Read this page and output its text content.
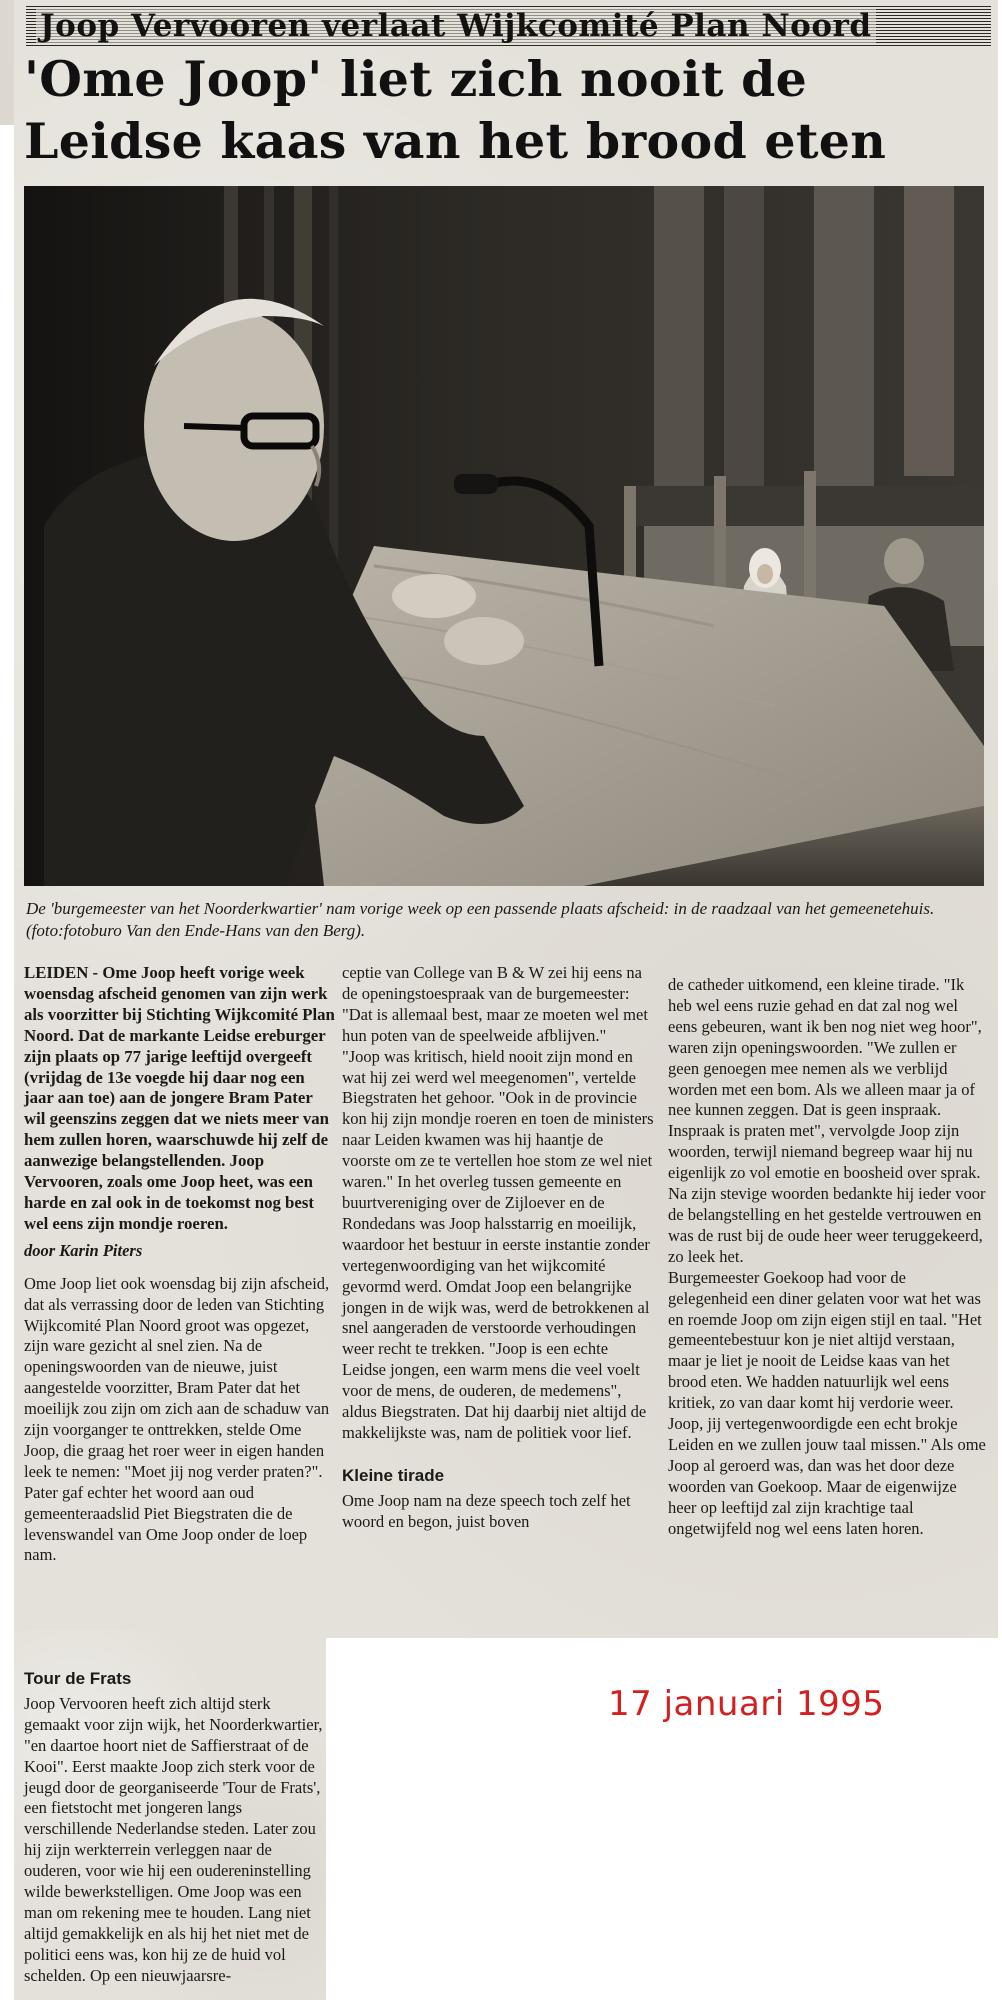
Joop Vervooren verlaat Wijkcomité Plan Noord
'Ome Joop' liet zich nooit de
Leidse kaas van het brood eten
De 'burgemeester van het Noorderkwartier' nam vorige week op een passende plaats afscheid: in de raadzaal van het gemeenetehuis. (foto:fotoburo Van den Ende-Hans van den Berg).

LEIDEN - Ome Joop heeft vorige week woensdag afscheid genomen van zijn werk als voorzitter bij Stichting Wijkcomité Plan Noord. Dat de markante Leidse ereburger zijn plaats op 77 jarige leeftijd overgeeft (vrijdag de 13e voegde hij daar nog een jaar aan toe) aan de jongere Bram Pater wil geenszins zeggen dat we niets meer van hem zullen horen, waarschuwde hij zelf de aanwezige belangstellenden. Joop Vervooren, zoals ome Joop heet, was een harde en zal ook in de toekomst nog best wel eens zijn mondje roeren.

door Karin Piters

Ome Joop liet ook woensdag bij zijn afscheid, dat als verrassing door de leden van Stichting Wijkcomité Plan Noord groot was opgezet, zijn ware gezicht al snel zien. Na de openingswoorden van de nieuwe, juist aangestelde voorzitter, Bram Pater dat het moeilijk zou zijn om zich aan de schaduw van zijn voorganger te onttrekken, stelde Ome Joop, die graag het roer weer in eigen handen leek te nemen: "Moet jij nog verder praten?". Pater gaf echter het woord aan oud gemeenteraadslid Piet Biegstraten die de levenswandel van Ome Joop onder de loep nam.

Tour de Frats

Joop Vervooren heeft zich altijd sterk gemaakt voor zijn wijk, het Noorderkwartier, "en daartoe hoort niet de Saffierstraat of de Kooi". Eerst maakte Joop zich sterk voor de jeugd door de georganiseerde 'Tour de Frats', een fietstocht met jongeren langs verschillende Nederlandse steden. Later zou hij zijn werkterrein verleggen naar de ouderen, voor wie hij een oudereninstelling wilde bewerkstelligen. Ome Joop was een man om rekening mee te houden. Lang niet altijd gemakkelijk en als hij het niet met de politici eens was, kon hij ze de huid vol schelden. Op een nieuwjaarsre-

ceptie van College van B & W zei hij eens na de openingstoespraak van de burgemeester: "Dat is allemaal best, maar ze moeten wel met hun poten van de speelweide afblijven."

"Joop was kritisch, hield nooit zijn mond en wat hij zei werd wel meegenomen", vertelde Biegstraten het gehoor. "Ook in de provincie kon hij zijn mondje roeren en toen de ministers naar Leiden kwamen was hij haantje de voorste om ze te vertellen hoe stom ze wel niet waren." In het overleg tussen gemeente en buurtvereniging over de Zijloever en de Rondedans was Joop halsstarrig en moeilijk, waardoor het bestuur in eerste instantie zonder vertegenwoordiging van het wijkcomité gevormd werd. Omdat Joop een belangrijke jongen in de wijk was, werd de betrokkenen al snel aangeraden de verstoorde verhoudingen weer recht te trekken. "Joop is een echte Leidse jongen, een warm mens die veel voelt voor de mens, de ouderen, de medemens", aldus Biegstraten. Dat hij daarbij niet altijd de makkelijkste was, nam de politiek voor lief.

Kleine tirade

Ome Joop nam na deze speech toch zelf het woord en begon, juist boven

de catheder uitkomend, een kleine tirade. "Ik heb wel eens ruzie gehad en dat zal nog wel eens gebeuren, want ik ben nog niet weg hoor", waren zijn openingswoorden. "We zullen er geen genoegen mee nemen als we verblijd worden met een bom. Als we alleen maar ja of nee kunnen zeggen. Dat is geen inspraak. Inspraak is praten met", vervolgde Joop zijn woorden, terwijl niemand begreep waar hij nu eigenlijk zo vol emotie en boosheid over sprak. Na zijn stevige woorden bedankte hij ieder voor de belangstelling en het gestelde vertrouwen en was de rust bij de oude heer weer teruggekeerd, zo leek het.

Burgemeester Goekoop had voor de gelegenheid een diner gelaten voor wat het was en roemde Joop om zijn eigen stijl en taal. "Het gemeentebestuur kon je niet altijd verstaan, maar je liet je nooit de Leidse kaas van het brood eten. We hadden natuurlijk wel eens kritiek, zo van daar komt hij verdorie weer. Joop, jij vertegenwoordigde een echt brokje Leiden en we zullen jouw taal missen." Als ome Joop al geroerd was, dan was het door deze woorden van Goekoop. Maar de eigenwijze heer op leeftijd zal zijn krachtige taal ongetwijfeld nog wel eens laten horen.

17 januari 1995
